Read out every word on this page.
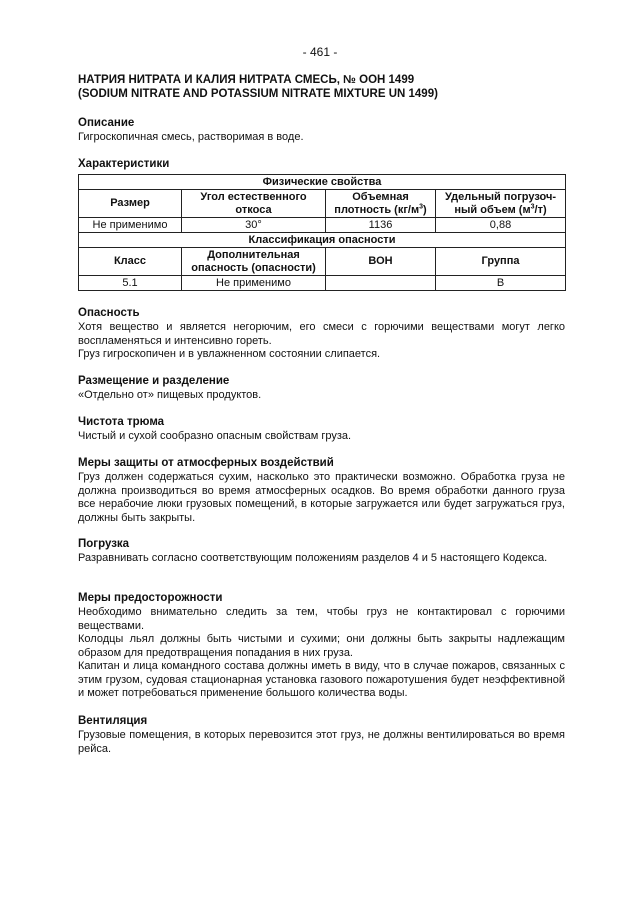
- 461 -
НАТРИЯ НИТРАТА И КАЛИЯ НИТРАТА СМЕСЬ, № ООН 1499
(SODIUM NITRATE AND POTASSIUM NITRATE MIXTURE UN 1499)
Описание

Гигроскопичная смесь, растворимая в воде.

Характеристики
Физические свойства			
Размер	Угол естественного откоса	Объемная плотность $(кг/м^3)$	Удельный погрузоч-ный объем $(м^3/т)$
Не применимо	30°	1136	0,88
Классификация опасности			
Класс	Дополнительная опасность (опасности)	ВОН	Группа
5.1	Не применимо		В
Опасность

Хотя вещество и является негорючим, его смеси с горючими веществами могут легко воспламеняться и интенсивно гореть.

Груз гигроскопичен и в увлажненном состоянии слипается.

Размещение и разделение

«Отдельно от» пищевых продуктов.

Чистота трюма

Чистый и сухой сообразно опасным свойствам груза.

Меры защиты от атмосферных воздействий

Груз должен содержаться сухим, насколько это практически возможно. Обработка груза не должна производиться во время атмосферных осадков. Во время обработки данного груза все нерабочие люки грузовых помещений, в которые загружается или будет загружаться груз, должны быть закрыты.

Погрузка

Разравнивать согласно соответствующим положениям разделов 4 и 5 настоящего Кодекса.

Меры предосторожности

Необходимо внимательно следить за тем, чтобы груз не контактировал с горючими веществами.

Колодцы льял должны быть чистыми и сухими; они должны быть закрыты надлежащим образом для предотвращения попадания в них груза.

Капитан и лица командного состава должны иметь в виду, что в случае пожаров, связанных с этим грузом, судовая стационарная установка газового пожаротушения будет неэффективной и может потребоваться применение большого количества воды.

Вентиляция

Грузовые помещения, в которых перевозится этот груз, не должны вентилироваться во время рейса.
